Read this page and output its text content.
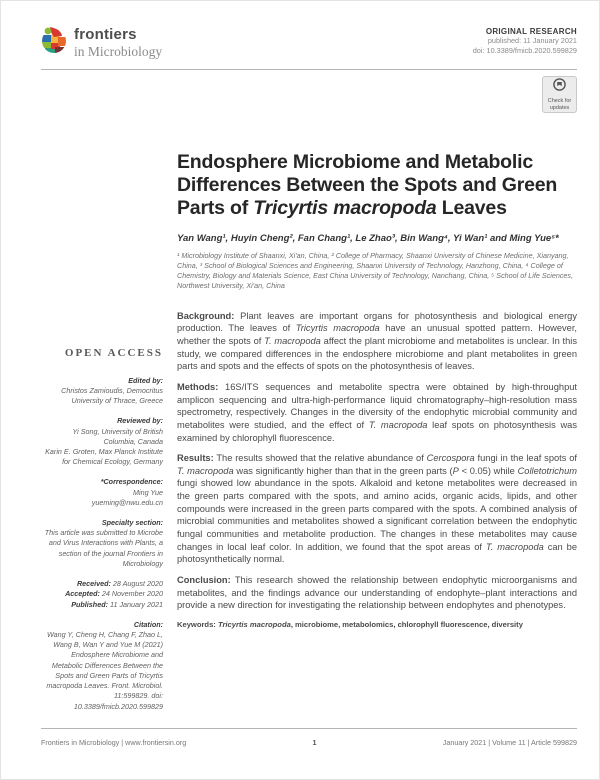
frontiers
in Microbiology
ORIGINAL RESEARCH
published: 11 January 2021
doi: 10.3389/fmicb.2020.599829
Check for updates
OPEN ACCESS
Edited by:
Christos Zamioudis, Democritus University of Thrace, Greece
Reviewed by:
Yi Song, University of British Columbia, Canada
Karin E. Groten, Max Planck Institute for Chemical Ecology, Germany
*Correspondence:
Ming Yue
yueming@nwu.edu.cn
Specialty section:
This article was submitted to Microbe and Virus Interactions with Plants, a section of the journal Frontiers in Microbiology
Received: 28 August 2020
Accepted: 24 November 2020
Published: 11 January 2021
Citation:
Wang Y, Cheng H, Chang F, Zhao L, Wang B, Wan Y and Yue M (2021) Endosphere Microbiome and Metabolic Differences Between the Spots and Green Parts of Tricyrtis macropoda Leaves. Front. Microbiol. 11:599829. doi: 10.3389/fmicb.2020.599829
Endosphere Microbiome and Metabolic Differences Between the Spots and Green Parts of Tricyrtis macropoda Leaves
Yan Wang¹, Huyin Cheng², Fan Chang¹, Le Zhao³, Bin Wang⁴, Yi Wan¹ and Ming Yue⁵*
¹ Microbiology Institute of Shaanxi, Xi'an, China, ² College of Pharmacy, Shaanxi University of Chinese Medicine, Xianyang, China, ³ School of Biological Sciences and Engineering, Shaanxi University of Technology, Hanzhong, China, ⁴ College of Chemistry, Biology and Materials Science, East China University of Technology, Nanchang, China, ⁵ School of Life Sciences, Northwest University, Xi'an, China

Background: Plant leaves are important organs for photosynthesis and biological energy production. The leaves of Tricyrtis macropoda have an unusual spotted pattern. However, whether the spots of T. macropoda affect the plant microbiome and metabolites is unclear. In this study, we compared differences in the endosphere microbiome and plant metabolites in green parts and spots and the effects of spots on the photosynthesis of leaves.

Methods: 16S/ITS sequences and metabolite spectra were obtained by high-throughput amplicon sequencing and ultra-high-performance liquid chromatography–high-resolution mass spectrometry, respectively. Changes in the diversity of the endophytic microbial community and metabolites were studied, and the effect of T. macropoda leaf spots on photosynthesis was examined by chlorophyll fluorescence.

Results: The results showed that the relative abundance of Cercospora fungi in the leaf spots of T. macropoda was significantly higher than that in the green parts (P < 0.05) while Colletotrichum fungi showed low abundance in the spots. Alkaloid and ketone metabolites were decreased in the green parts compared with the spots, and amino acids, organic acids, lipids, and other compounds were increased in the green parts compared with the spots. A combined analysis of microbial communities and metabolites showed a significant correlation between the endophytic fungal communities and metabolite production. The changes in these metabolites may cause changes in local leaf color. In addition, we found that the spot areas of T. macropoda can be photosynthetically normal.

Conclusion: This research showed the relationship between endophytic microorganisms and metabolites, and the findings advance our understanding of endophyte–plant interactions and provide a new direction for investigating the relationship between endophytes and phenotypes.

Keywords: Tricyrtis macropoda, microbiome, metabolomics, chlorophyll fluorescence, diversity

Frontiers in Microbiology | www.frontiersin.org	1	January 2021 | Volume 11 | Article 599829
